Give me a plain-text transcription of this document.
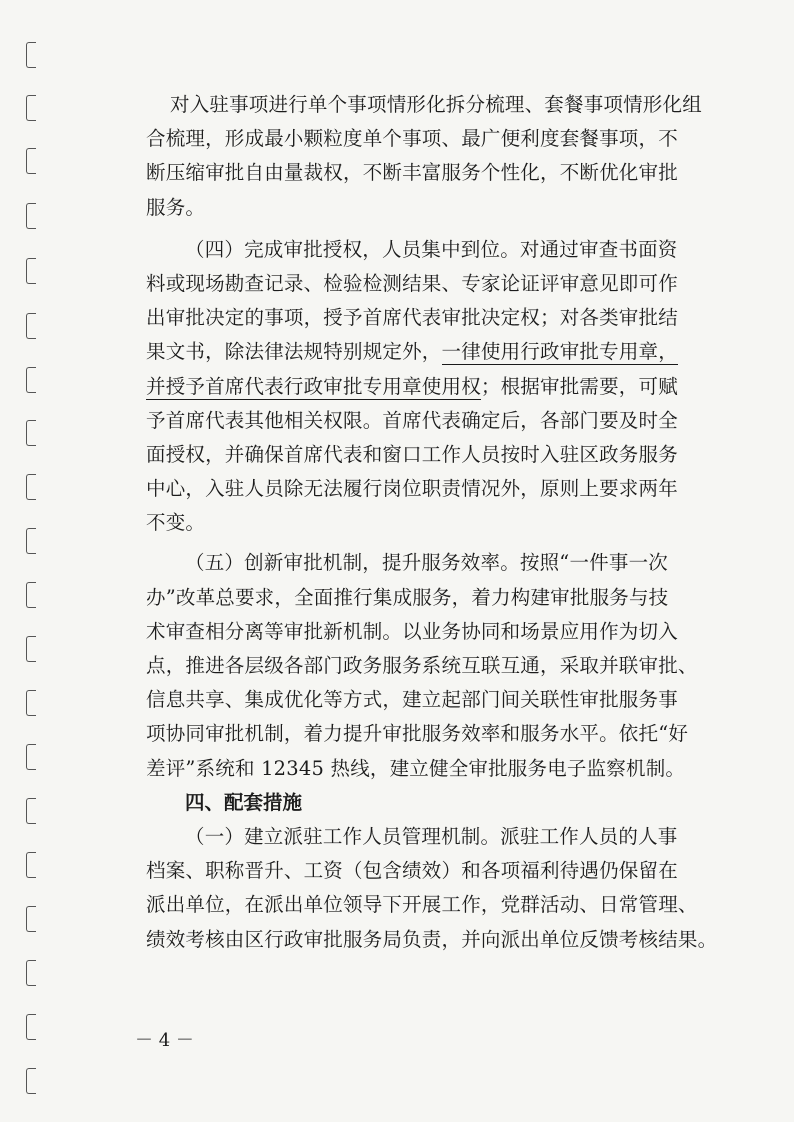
对入驻事项进行单个事项情形化拆分梳理、套餐事项情形化组
合梳理，形成最小颗粒度单个事项、最广便利度套餐事项，不
断压缩审批自由量裁权，不断丰富服务个性化，不断优化审批
服务。
（四）完成审批授权，人员集中到位。对通过审查书面资
料或现场勘查记录、检验检测结果、专家论证评审意见即可作
出审批决定的事项，授予首席代表审批决定权；对各类审批结
果文书，除法律法规特别规定外，一律使用行政审批专用章，
并授予首席代表行政审批专用章使用权；根据审批需要，可赋
予首席代表其他相关权限。首席代表确定后，各部门要及时全
面授权，并确保首席代表和窗口工作人员按时入驻区政务服务
中心，入驻人员除无法履行岗位职责情况外，原则上要求两年
不变。
（五）创新审批机制，提升服务效率。按照“一件事一次
办”改革总要求，全面推行集成服务，着力构建审批服务与技
术审查相分离等审批新机制。以业务协同和场景应用作为切入
点，推进各层级各部门政务服务系统互联互通，采取并联审批、
信息共享、集成优化等方式，建立起部门间关联性审批服务事
项协同审批机制，着力提升审批服务效率和服务水平。依托“好
差评”系统和 12345 热线，建立健全审批服务电子监察机制。
四、配套措施
（一）建立派驻工作人员管理机制。派驻工作人员的人事
档案、职称晋升、工资（包含绩效）和各项福利待遇仍保留在
派出单位，在派出单位领导下开展工作，党群活动、日常管理、
绩效考核由区行政审批服务局负责，并向派出单位反馈考核结果。
－ 4 －
